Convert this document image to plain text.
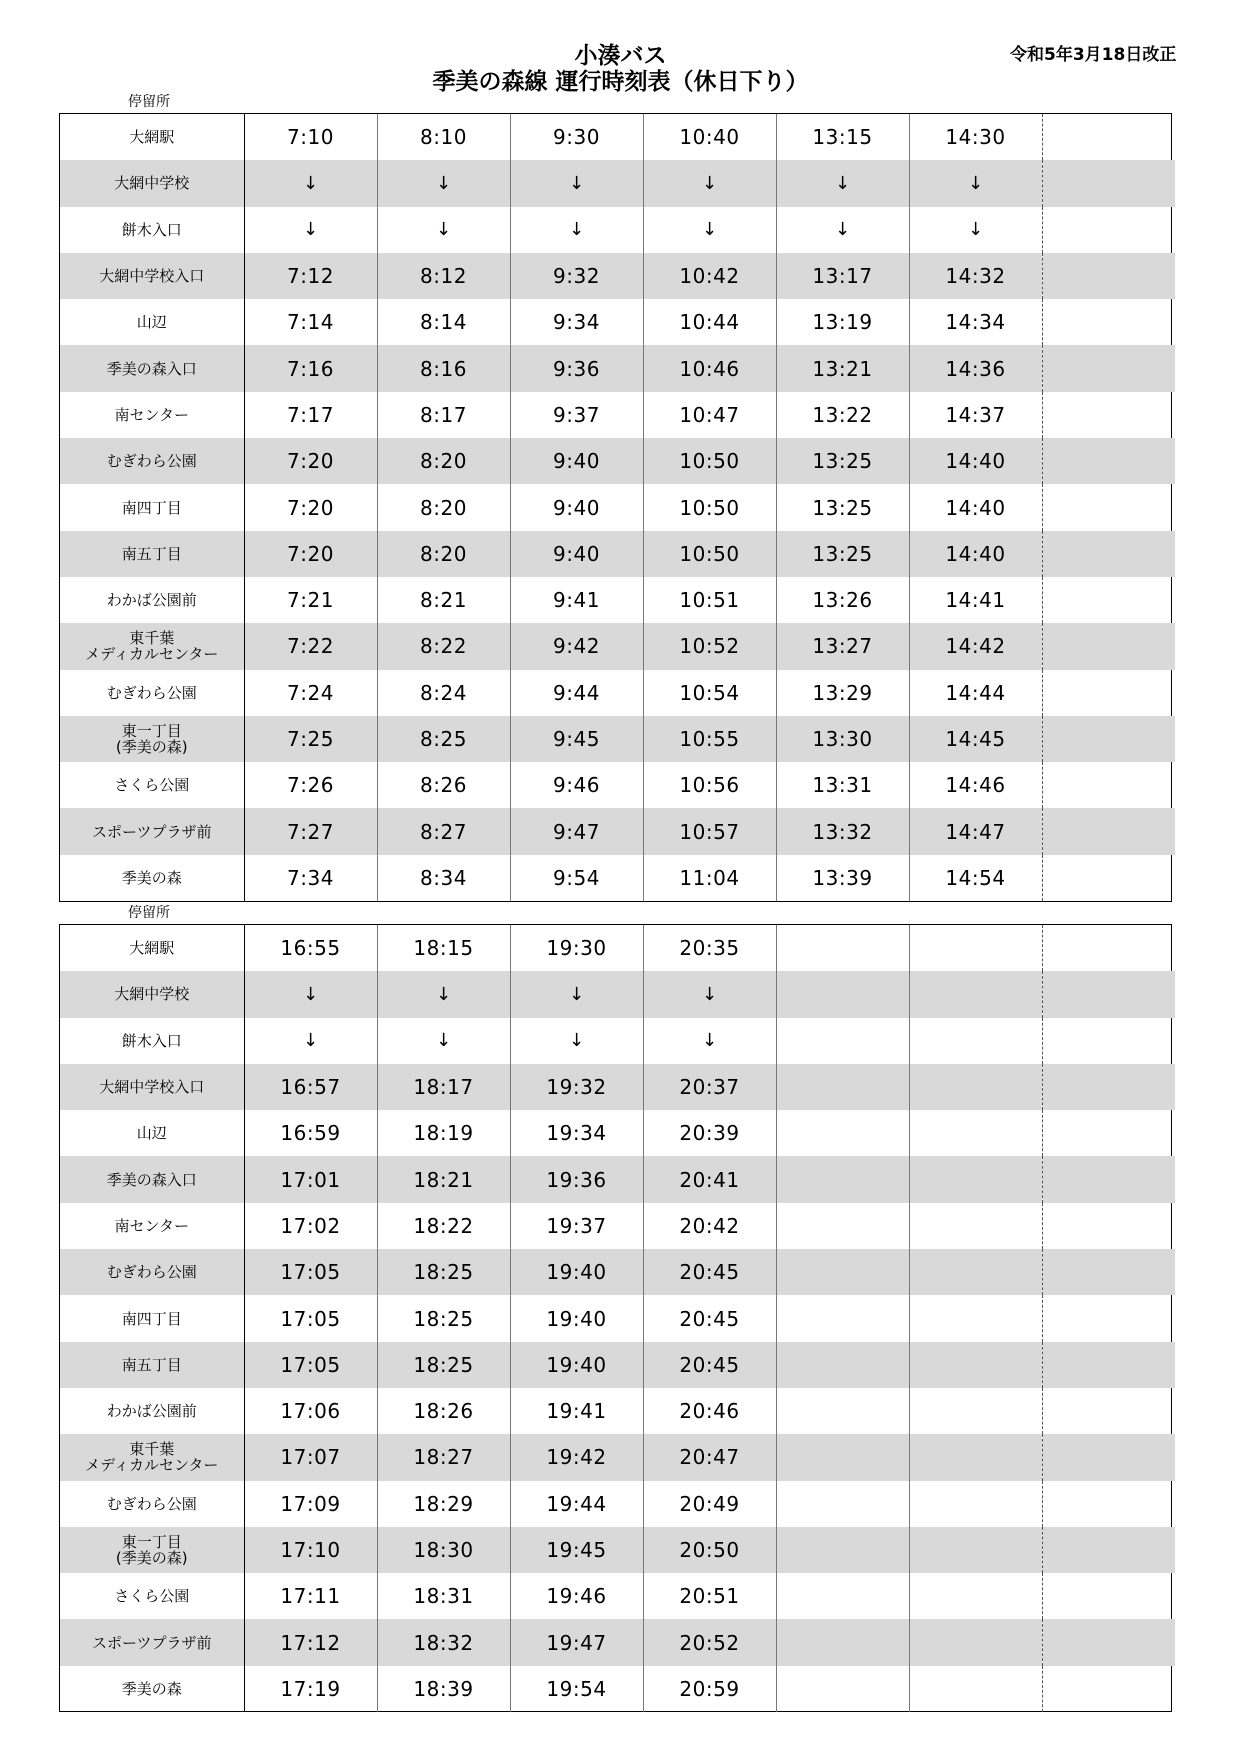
小湊バス
季美の森線 運行時刻表（休日下り）
令和5年3月18日改正
停留所
大網駅	7:10	8:10	9:30	10:40	13:15	14:30	
大網中学校	↓	↓	↓	↓	↓	↓	
餅木入口	↓	↓	↓	↓	↓	↓	
大網中学校入口	7:12	8:12	9:32	10:42	13:17	14:32	
山辺	7:14	8:14	9:34	10:44	13:19	14:34	
季美の森入口	7:16	8:16	9:36	10:46	13:21	14:36	
南センター	7:17	8:17	9:37	10:47	13:22	14:37	
むぎわら公園	7:20	8:20	9:40	10:50	13:25	14:40	
南四丁目	7:20	8:20	9:40	10:50	13:25	14:40	
南五丁目	7:20	8:20	9:40	10:50	13:25	14:40	
わかば公園前	7:21	8:21	9:41	10:51	13:26	14:41	
東千葉
メディカルセンター	7:22	8:22	9:42	10:52	13:27	14:42	
むぎわら公園	7:24	8:24	9:44	10:54	13:29	14:44	
東一丁目
(季美の森)	7:25	8:25	9:45	10:55	13:30	14:45	
さくら公園	7:26	8:26	9:46	10:56	13:31	14:46	
スポーツプラザ前	7:27	8:27	9:47	10:57	13:32	14:47	
季美の森	7:34	8:34	9:54	11:04	13:39	14:54	
停留所
大網駅	16:55	18:15	19:30	20:35			
大網中学校	↓	↓	↓	↓			
餅木入口	↓	↓	↓	↓			
大網中学校入口	16:57	18:17	19:32	20:37			
山辺	16:59	18:19	19:34	20:39			
季美の森入口	17:01	18:21	19:36	20:41			
南センター	17:02	18:22	19:37	20:42			
むぎわら公園	17:05	18:25	19:40	20:45			
南四丁目	17:05	18:25	19:40	20:45			
南五丁目	17:05	18:25	19:40	20:45			
わかば公園前	17:06	18:26	19:41	20:46			
東千葉
メディカルセンター	17:07	18:27	19:42	20:47			
むぎわら公園	17:09	18:29	19:44	20:49			
東一丁目
(季美の森)	17:10	18:30	19:45	20:50			
さくら公園	17:11	18:31	19:46	20:51			
スポーツプラザ前	17:12	18:32	19:47	20:52			
季美の森	17:19	18:39	19:54	20:59			
